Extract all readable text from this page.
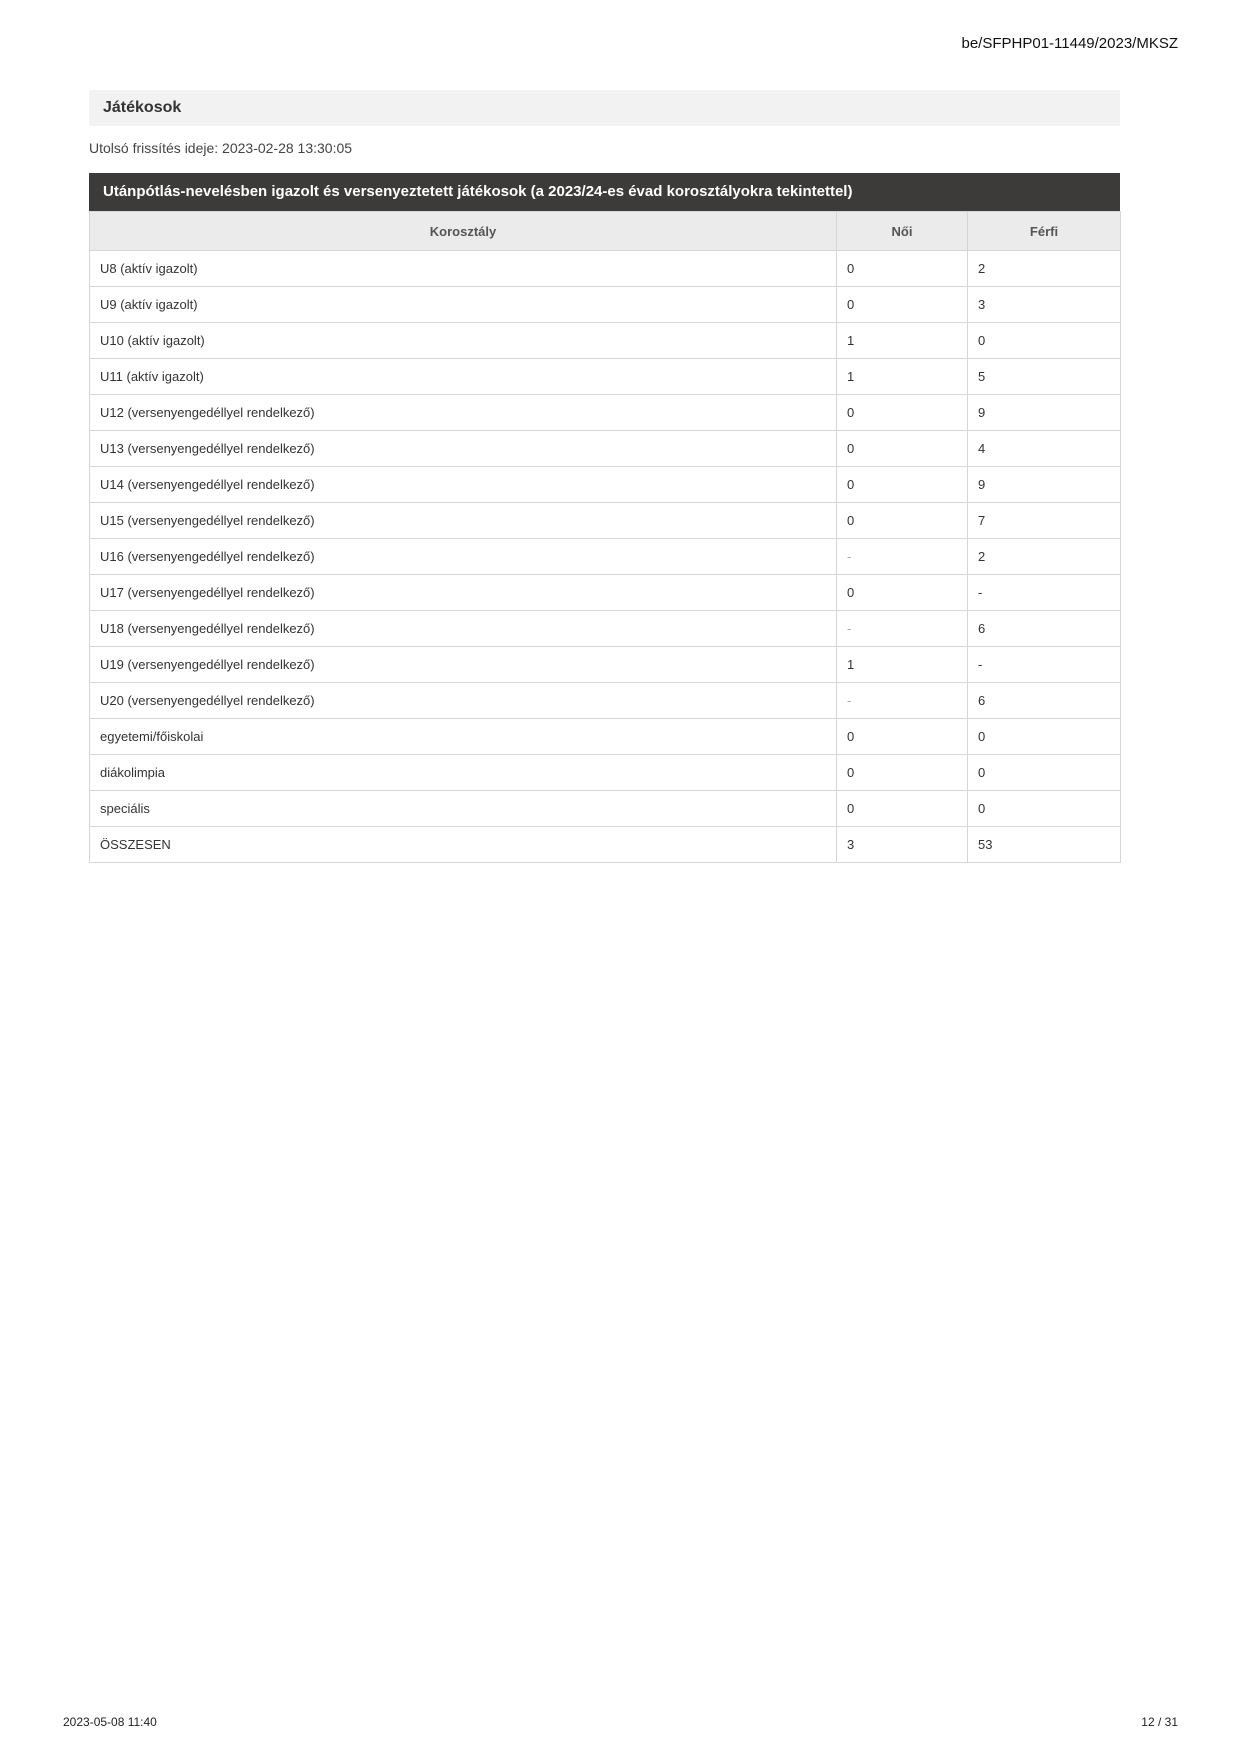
be/SFPHP01-11449/2023/MKSZ
Játékosok
Utolsó frissítés ideje: 2023-02-28 13:30:05
Utánpótlás-nevelésben igazolt és versenyeztetett játékosok (a 2023/24-es évad korosztályokra tekintettel)
Korosztály	Női	Férfi
U8 (aktív igazolt)	0	2
U9 (aktív igazolt)	0	3
U10 (aktív igazolt)	1	0
U11 (aktív igazolt)	1	5
U12 (versenyengedéllyel rendelkező)	0	9
U13 (versenyengedéllyel rendelkező)	0	4
U14 (versenyengedéllyel rendelkező)	0	9
U15 (versenyengedéllyel rendelkező)	0	7
U16 (versenyengedéllyel rendelkező)	-	2
U17 (versenyengedéllyel rendelkező)	0	-
U18 (versenyengedéllyel rendelkező)	-	6
U19 (versenyengedéllyel rendelkező)	1	-
U20 (versenyengedéllyel rendelkező)	-	6
egyetemi/főiskolai	0	0
diákolimpia	0	0
speciális	0	0
ÖSSZESEN	3	53
2023-05-08 11:40	12 / 31
